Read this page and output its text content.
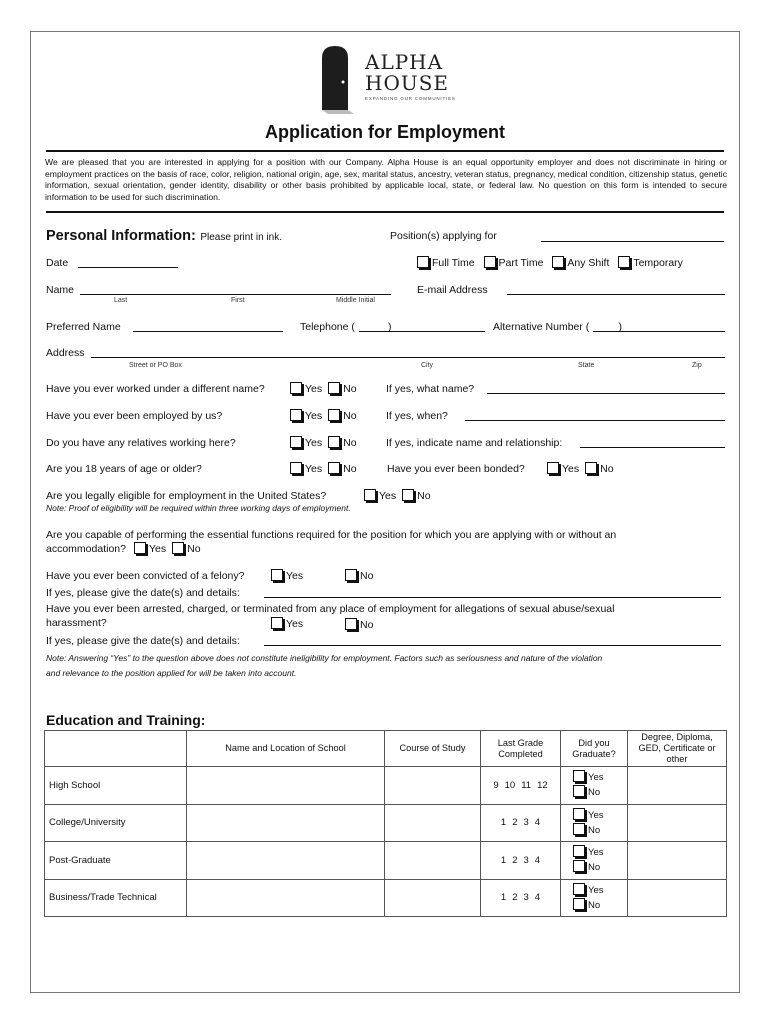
ALPHA
HOUSE
EXPANDING OUR COMMUNITIES
Application for Employment
We are pleased that you are interested in applying for a position with our Company. Alpha House is an equal opportunity employer and does not discriminate in hiring or employment practices on the basis of race, color, religion, national origin, age, sex, marital status, ancestry, veteran status, pregnancy, medical condition, citizenship status, genetic information, sexual orientation, gender identity, disability or other basis prohibited by applicable local, state, or federal law. No question on this form is intended to secure information to be used for such discrimination.
Personal Information: Please print in ink.	Position(s) applying for
Date	Full Time Part Time Any Shift Temporary
Name
Last	First	Middle Initial
E-mail Address
Preferred Name	Telephone (	)	Alternative Number (          )
Address
Street or PO Box	City	State	Zip
Have you ever worked under a different name?	Yes No	If yes, what name?
Have you ever been employed by us?	Yes No	If yes, when?
Do you have any relatives working here?	Yes No	If yes, indicate name and relationship:
Are you 18 years of age or older?	Yes No	Have you ever been bonded?	Yes No
Are you legally eligible for employment in the United States?	Yes No
Note: Proof of eligibility will be required within three working days of employment.
Are you capable of performing the essential functions required for the position for which you are applying with or without an
accommodation? Yes No
Have you ever been convicted of a felony?	Yes	No
If yes, please give the date(s) and details:
Have you ever been arrested, charged, or terminated from any place of employment for allegations of sexual abuse/sexual
harassment?	Yes	No
If yes, please give the date(s) and details:
Note: Answering “Yes” to the question above does not constitute ineligibility for employment. Factors such as seriousness and nature of the violation
and relevance to the position applied for will be taken into account.
Education and Training:
	Name and Location of School	Course of Study	Last Grade Completed	Did you Graduate?	Degree, Diploma, GED, Certificate or other
High School			9 10 11 12	Yes
No	

College/University			1 2 3 4	Yes
No	

Post-Graduate			1 2 3 4	Yes
No	

Business/Trade Technical			1 2 3 4	Yes
No	
